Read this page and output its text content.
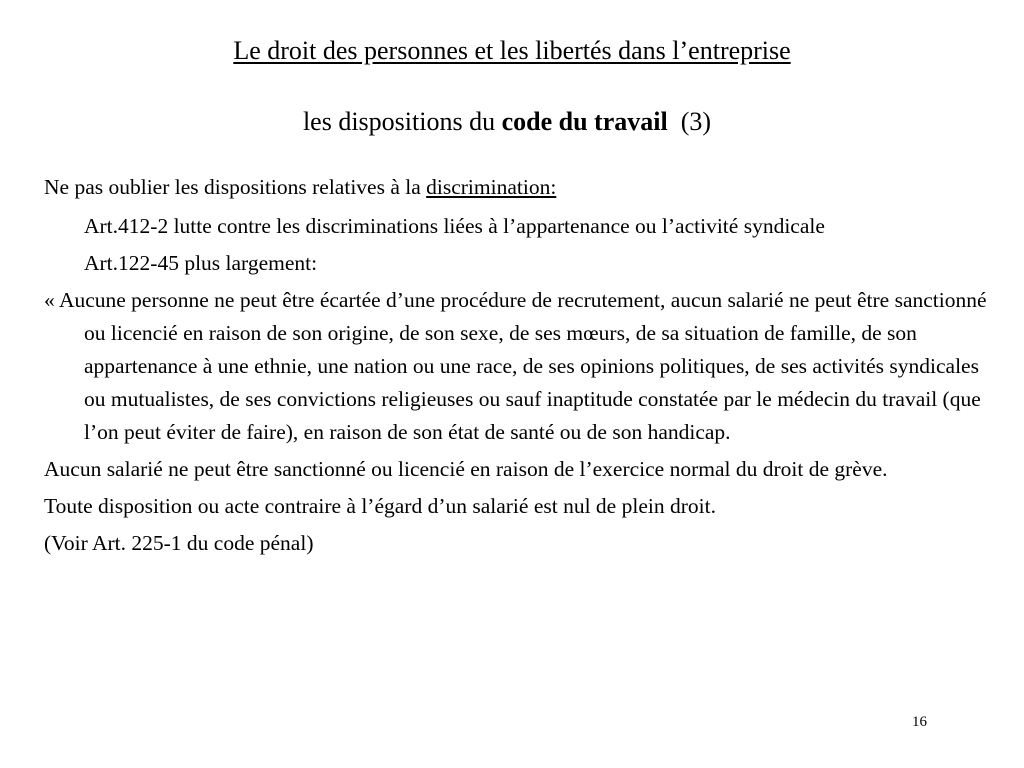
Le droit des personnes et les libertés dans l’entreprise
les dispositions du code du travail  (3)

Ne pas oublier les dispositions relatives à la discrimination:

Art.412-2 lutte contre les discriminations liées à l’appartenance ou l’activité syndicale

Art.122-45 plus largement:

« Aucune personne ne peut être écartée d’une procédure de recrutement, aucun salarié ne peut être sanctionné ou licencié en raison de son origine, de son sexe, de ses mœurs, de sa situation de famille, de son appartenance à une ethnie, une nation ou une race, de ses opinions politiques, de ses activités syndicales ou mutualistes, de ses convictions religieuses ou sauf inaptitude constatée par le médecin du travail (que l’on peut éviter de faire), en raison de son état de santé ou de son handicap.

Aucun salarié ne peut être sanctionné ou licencié en raison de l’exercice normal du droit de grève.

Toute disposition ou acte contraire à l’égard d’un salarié est nul de plein droit.

(Voir Art. 225-1 du code pénal)

16
